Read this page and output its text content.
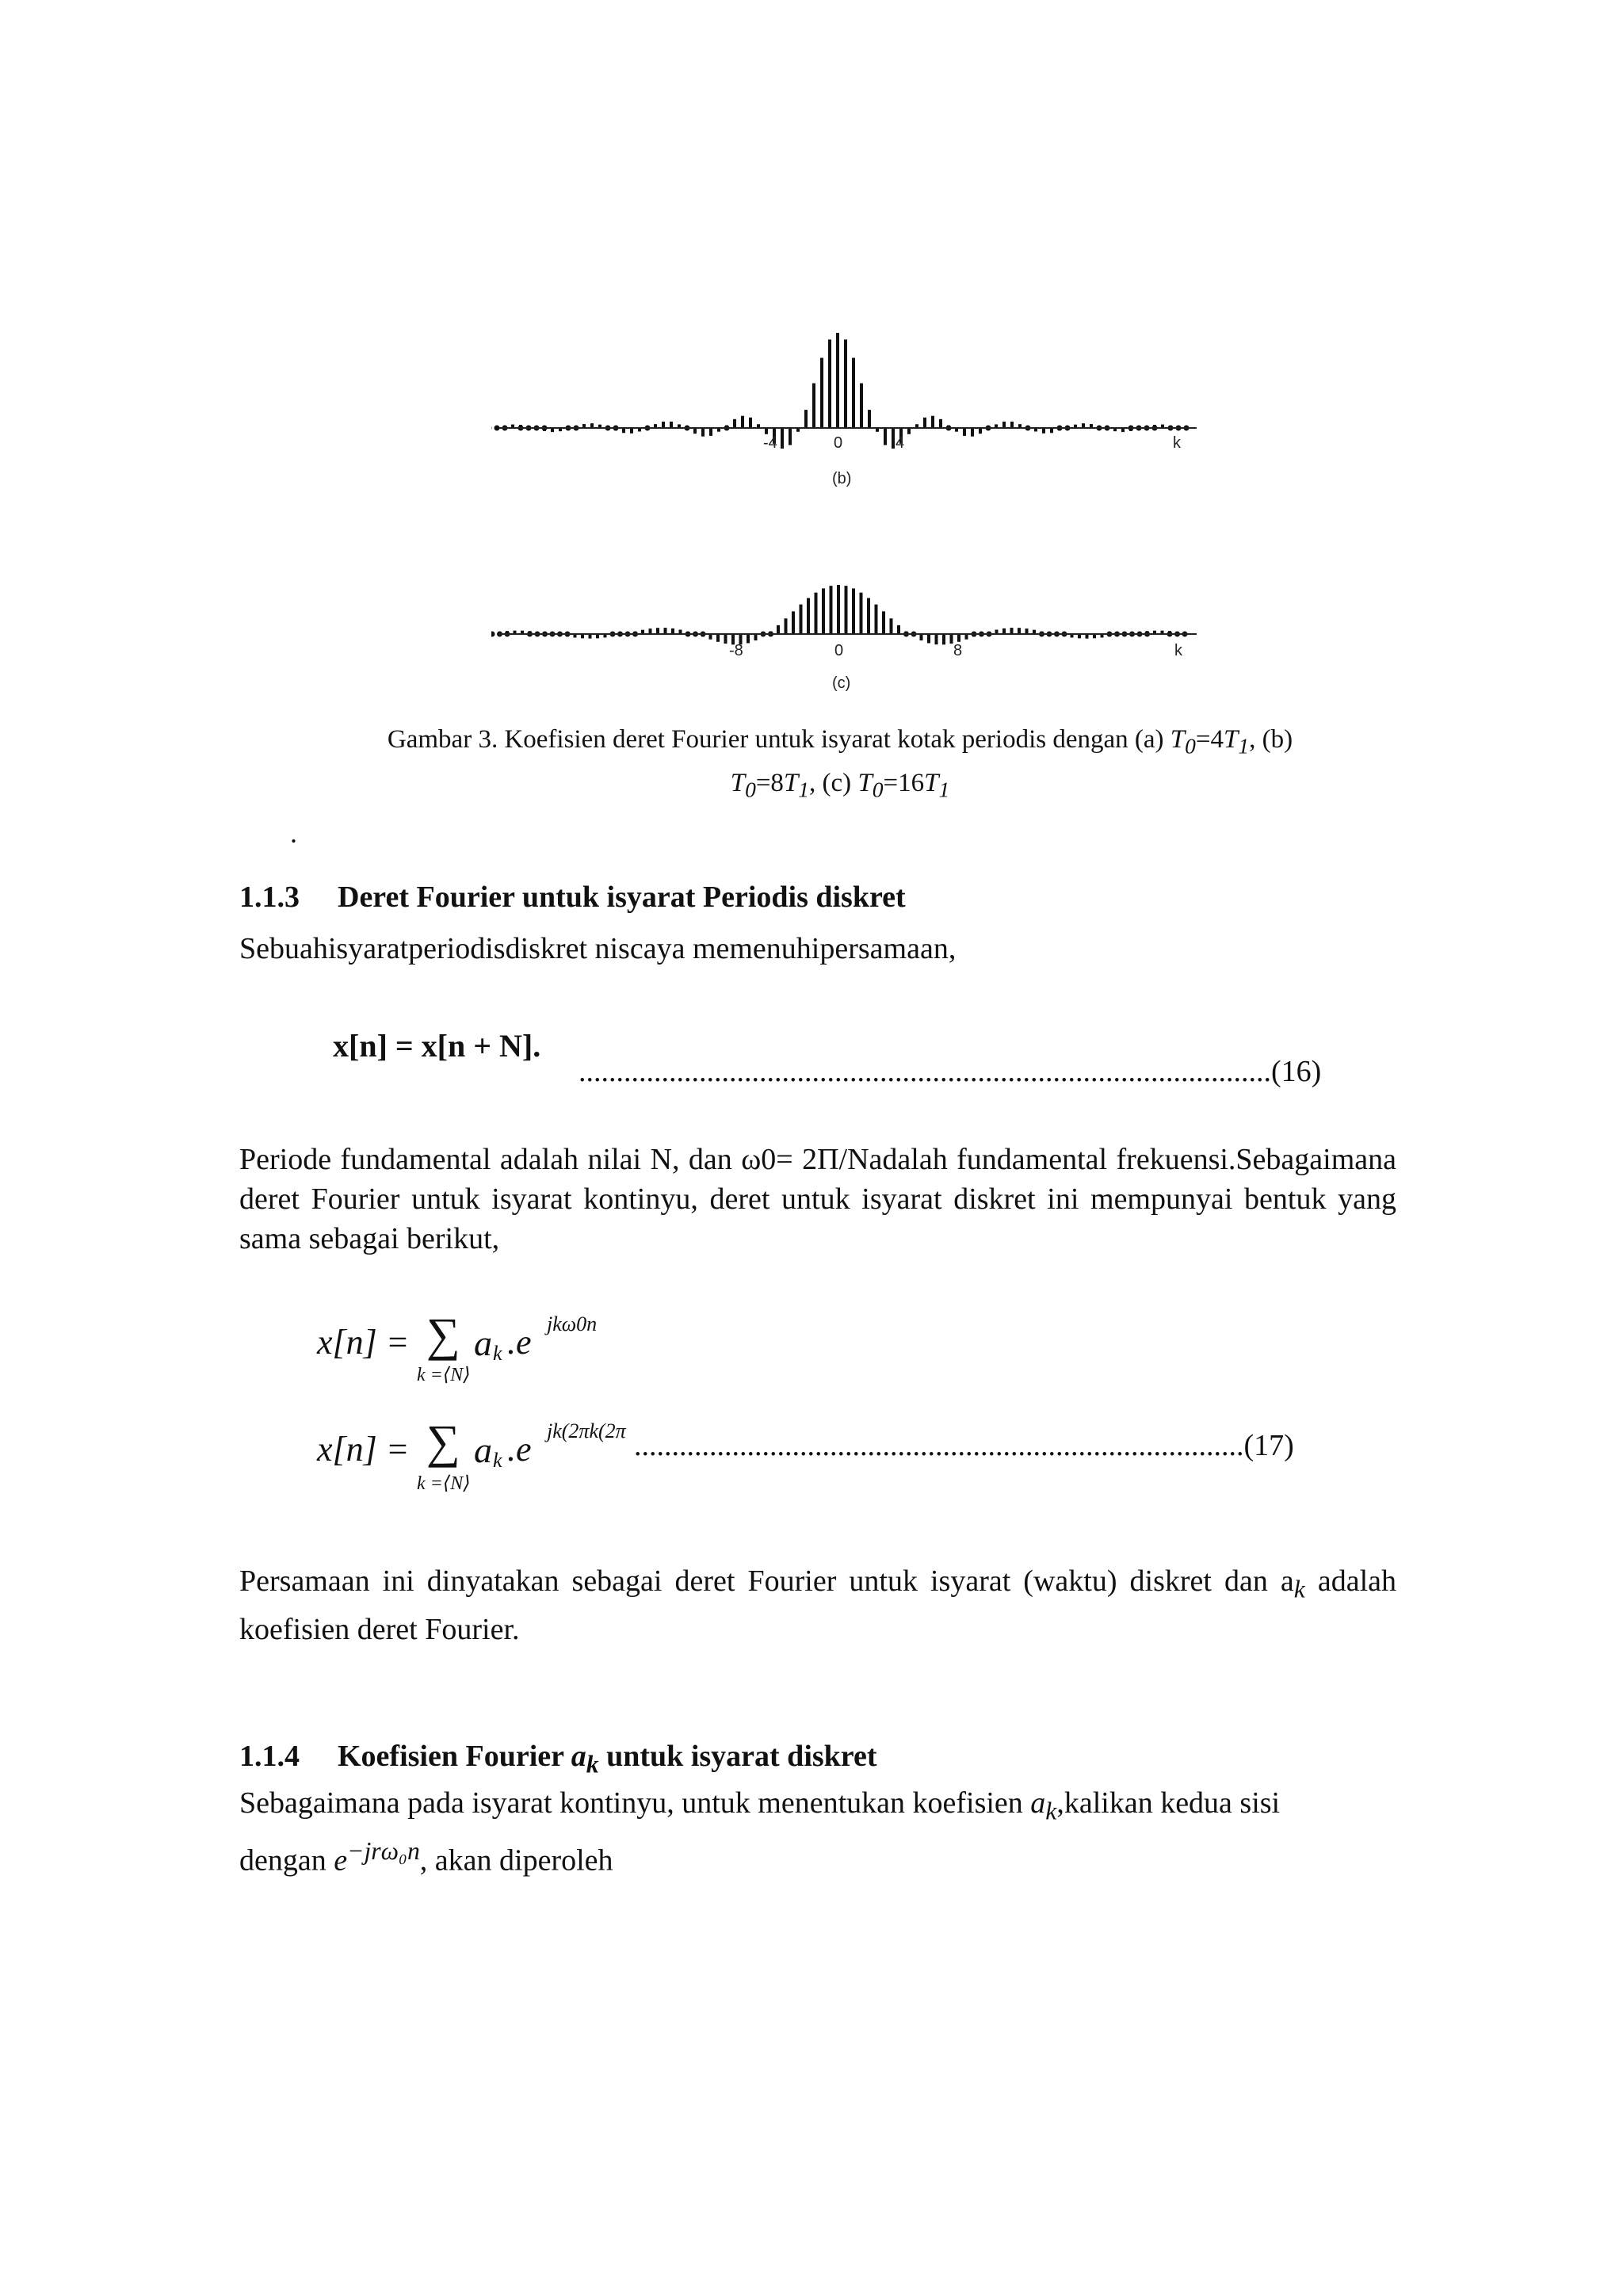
-4	0	4	k
(b)
-8	0	8	k
(c)
Gambar 3. Koefisien deret Fourier untuk isyarat kotak periodis dengan (a) $T_0=4T_1$, (b)
$T_0=8T_1$, (c) $T_0=16T_1$
.
1.1.3 Deret Fourier untuk isyarat Periodis diskret
Sebuahisyaratperiodisdiskret niscaya memenuhipersamaan,
x[n] = x[n + N].
............................................................................................(16)
Periode fundamental adalah nilai N, dan ω0= 2Π/Nadalah fundamental frekuensi.Sebagaimana deret Fourier untuk isyarat kontinyu, deret untuk isyarat diskret ini mempunyai bentuk yang sama sebagai berikut,
x[n] = ∑ a k .e jkω0n
k =⟨N⟩
x[n] = ∑ a k .e jk(2πk(2π
k =⟨N⟩
.................................................................................(17)
Persamaan ini dinyatakan sebagai deret Fourier untuk isyarat (waktu) diskret dan $a_k$ adalah koefisien deret Fourier.
1.1.4 Koefisien Fourier $a_k$ untuk isyarat diskret
Sebagaimana pada isyarat kontinyu, untuk menentukan koefisien $a_k,kalikan$ kedua sisi
dengan $e^{-jr\omega_0n}$, akan diperoleh
